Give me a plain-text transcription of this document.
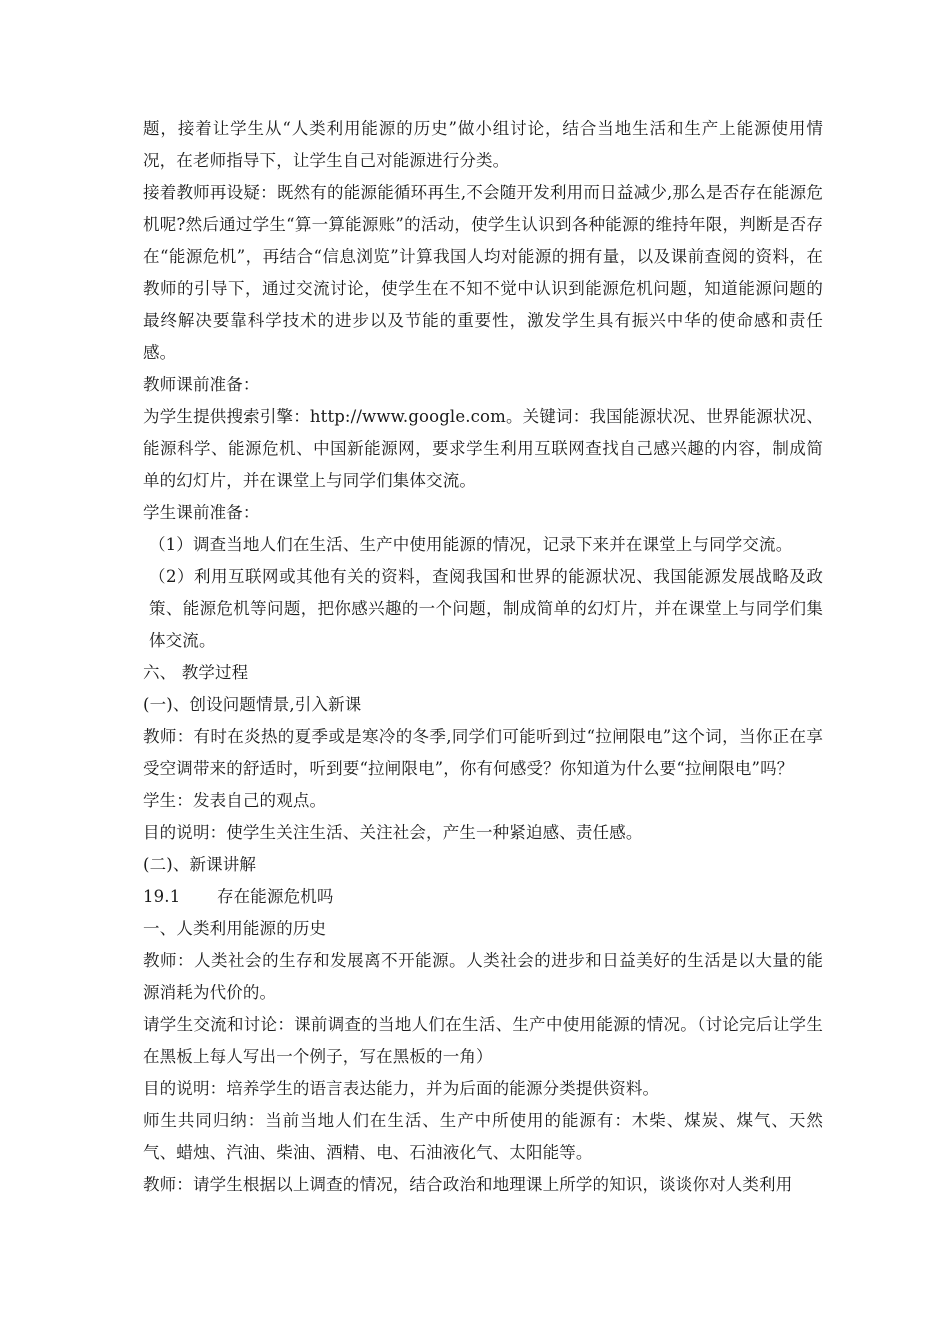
题，接着让学生从“人类利用能源的历史”做小组讨论，结合当地生活和生产上能源使用情况，在老师指导下，让学生自己对能源进行分类。

接着教师再设疑：既然有的能源能循环再生,不会随开发利用而日益减少,那么是否存在能源危机呢?然后通过学生“算一算能源账”的活动，使学生认识到各种能源的维持年限，判断是否存在“能源危机”，再结合“信息浏览”计算我国人均对能源的拥有量，以及课前查阅的资料，在教师的引导下，通过交流讨论，使学生在不知不觉中认识到能源危机问题，知道能源问题的最终解决要靠科学技术的进步以及节能的重要性，激发学生具有振兴中华的使命感和责任感。

教师课前准备：

为学生提供搜索引擎：http://www.google.com。关键词：我国能源状况、世界能源状况、能源科学、能源危机、中国新能源网，要求学生利用互联网查找自己感兴趣的内容，制成简单的幻灯片，并在课堂上与同学们集体交流。

学生课前准备：

（1）调查当地人们在生活、生产中使用能源的情况，记录下来并在课堂上与同学交流。

（2）利用互联网或其他有关的资料，查阅我国和世界的能源状况、我国能源发展战略及政策、能源危机等问题，把你感兴趣的一个问题，制成简单的幻灯片，并在课堂上与同学们集体交流。

六、 教学过程

(一)、创设问题情景,引入新课

教师：有时在炎热的夏季或是寒冷的冬季,同学们可能听到过“拉闸限电”这个词，当你正在享受空调带来的舒适时，听到要“拉闸限电”，你有何感受？你知道为什么要“拉闸限电”吗？

学生：发表自己的观点。

目的说明：使学生关注生活、关注社会，产生一种紧迫感、责任感。

(二)、新课讲解

19.1 存在能源危机吗

一、人类利用能源的历史

教师：人类社会的生存和发展离不开能源。人类社会的进步和日益美好的生活是以大量的能源消耗为代价的。

请学生交流和讨论：课前调查的当地人们在生活、生产中使用能源的情况。（讨论完后让学生在黑板上每人写出一个例子，写在黑板的一角）

目的说明：培养学生的语言表达能力，并为后面的能源分类提供资料。

师生共同归纳：当前当地人们在生活、生产中所使用的能源有：木柴、煤炭、煤气、天然气、蜡烛、汽油、柴油、酒精、电、石油液化气、太阳能等。

教师：请学生根据以上调查的情况，结合政治和地理课上所学的知识，谈谈你对人类利用
